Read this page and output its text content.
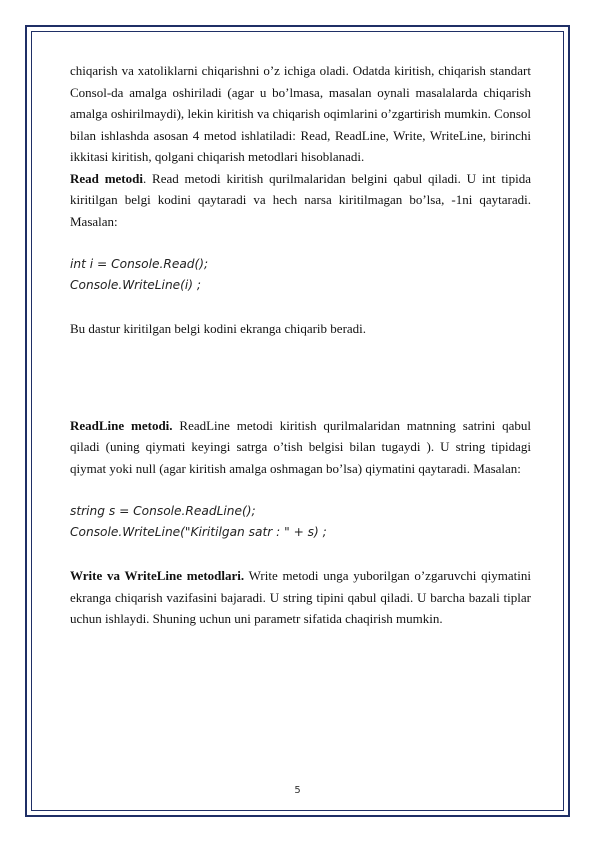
chiqarish va xatoliklarni chiqarishni o’z ichiga oladi. Odatda kiritish, chiqarish standart Consol-da amalga oshiriladi (agar u bo’lmasa, masalan oynali masalalarda chiqarish amalga oshirilmaydi), lekin kiritish va chiqarish oqimlarini o’zgartirish mumkin. Consol bilan ishlashda asosan 4 metod ishlatiladi: Read, ReadLine, Write, WriteLine, birinchi ikkitasi kiritish, qolgani chiqarish metodlari hisoblanadi.

Read metodi. Read metodi kiritish qurilmalaridan belgini qabul qiladi. U int tipida kiritilgan belgi kodini qaytaradi va hech narsa kiritilmagan bo’lsa, -1ni qaytaradi. Masalan:

int i = Console.Read();
Console.WriteLine(i) ;

Bu dastur kiritilgan belgi kodini ekranga chiqarib beradi.

ReadLine metodi. ReadLine metodi kiritish qurilmalaridan matnning satrini qabul qiladi (uning qiymati keyingi satrga o’tish belgisi bilan tugaydi ). U string tipidagi qiymat yoki null (agar kiritish amalga oshmagan bo’lsa) qiymatini qaytaradi. Masalan:

string s = Console.ReadLine();
Console.WriteLine("Kiritilgan satr : " + s) ;

Write va WriteLine metodlari. Write metodi unga yuborilgan o’zgaruvchi qiymatini ekranga chiqarish vazifasini bajaradi. U string tipini qabul qiladi. U barcha bazali tiplar uchun ishlaydi. Shuning uchun uni parametr sifatida chaqirish mumkin.

5
